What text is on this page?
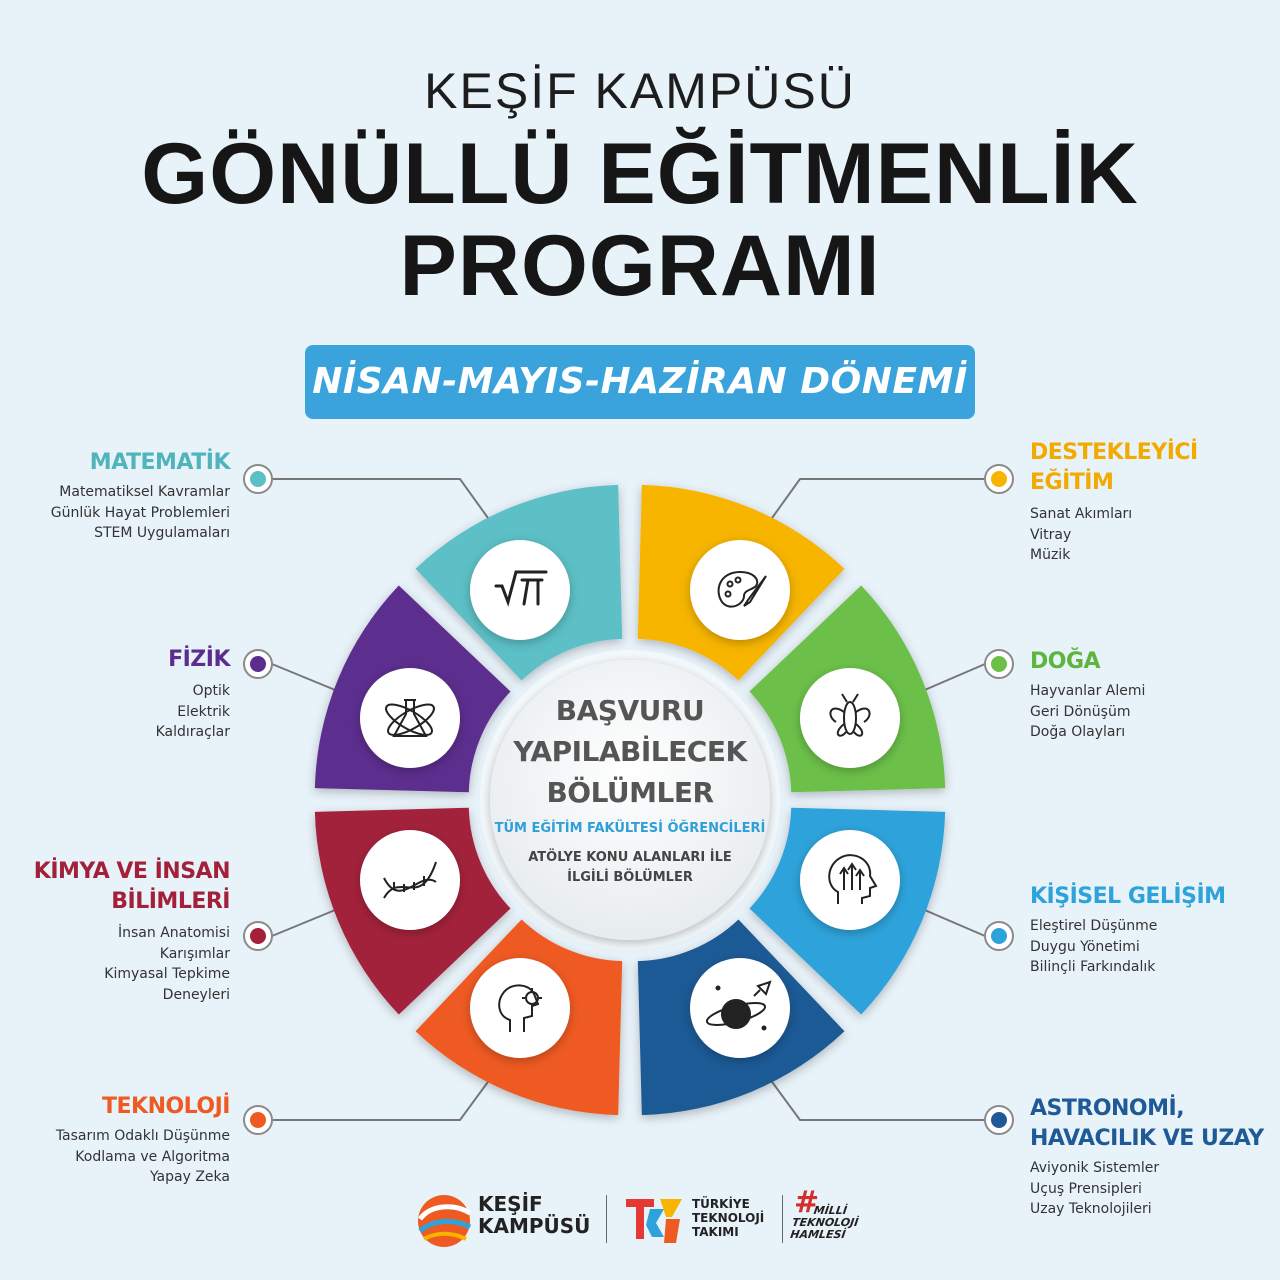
KEŞİF KAMPÜSÜ
GÖNÜLLÜ EĞİTMENLİK
PROGRAMI
NİSAN-MAYIS-HAZİRAN DÖNEMİ
BAŞVURU
YAPILABİLECEK
BÖLÜMLER
TÜM EĞİTİM FAKÜLTESİ ÖĞRENCİLERİ
ATÖLYE KONU ALANLARI İLE
İLGİLİ BÖLÜMLER
MATEMATİK
Matematiksel Kavramlar
Günlük Hayat Problemleri
STEM Uygulamaları
FİZİK
Optik
Elektrik
Kaldıraçlar
KİMYA VE İNSAN
BİLİMLERİ
İnsan Anatomisi
Karışımlar
Kimyasal Tepkime
Deneyleri
TEKNOLOJİ
Tasarım Odaklı Düşünme
Kodlama ve Algoritma
Yapay Zeka
DESTEKLEYİCİ
EĞİTİM
Sanat Akımları
Vitray
Müzik
DOĞA
Hayvanlar Alemi
Geri Dönüşüm
Doğa Olayları
KİŞİSEL GELİŞİM
Eleştirel Düşünme
Duygu Yönetimi
Bilinçli Farkındalık
ASTRONOMİ,
HAVACILIK VE UZAY
Aviyonik Sistemler
Uçuş Prensipleri
Uzay Teknolojileri
KEŞİF
KAMPÜSÜ
TÜRKİYE
TEKNOLOJİ
TAKIMI
#
MİLLİ
TEKNOLOJİ
HAMLESİ
